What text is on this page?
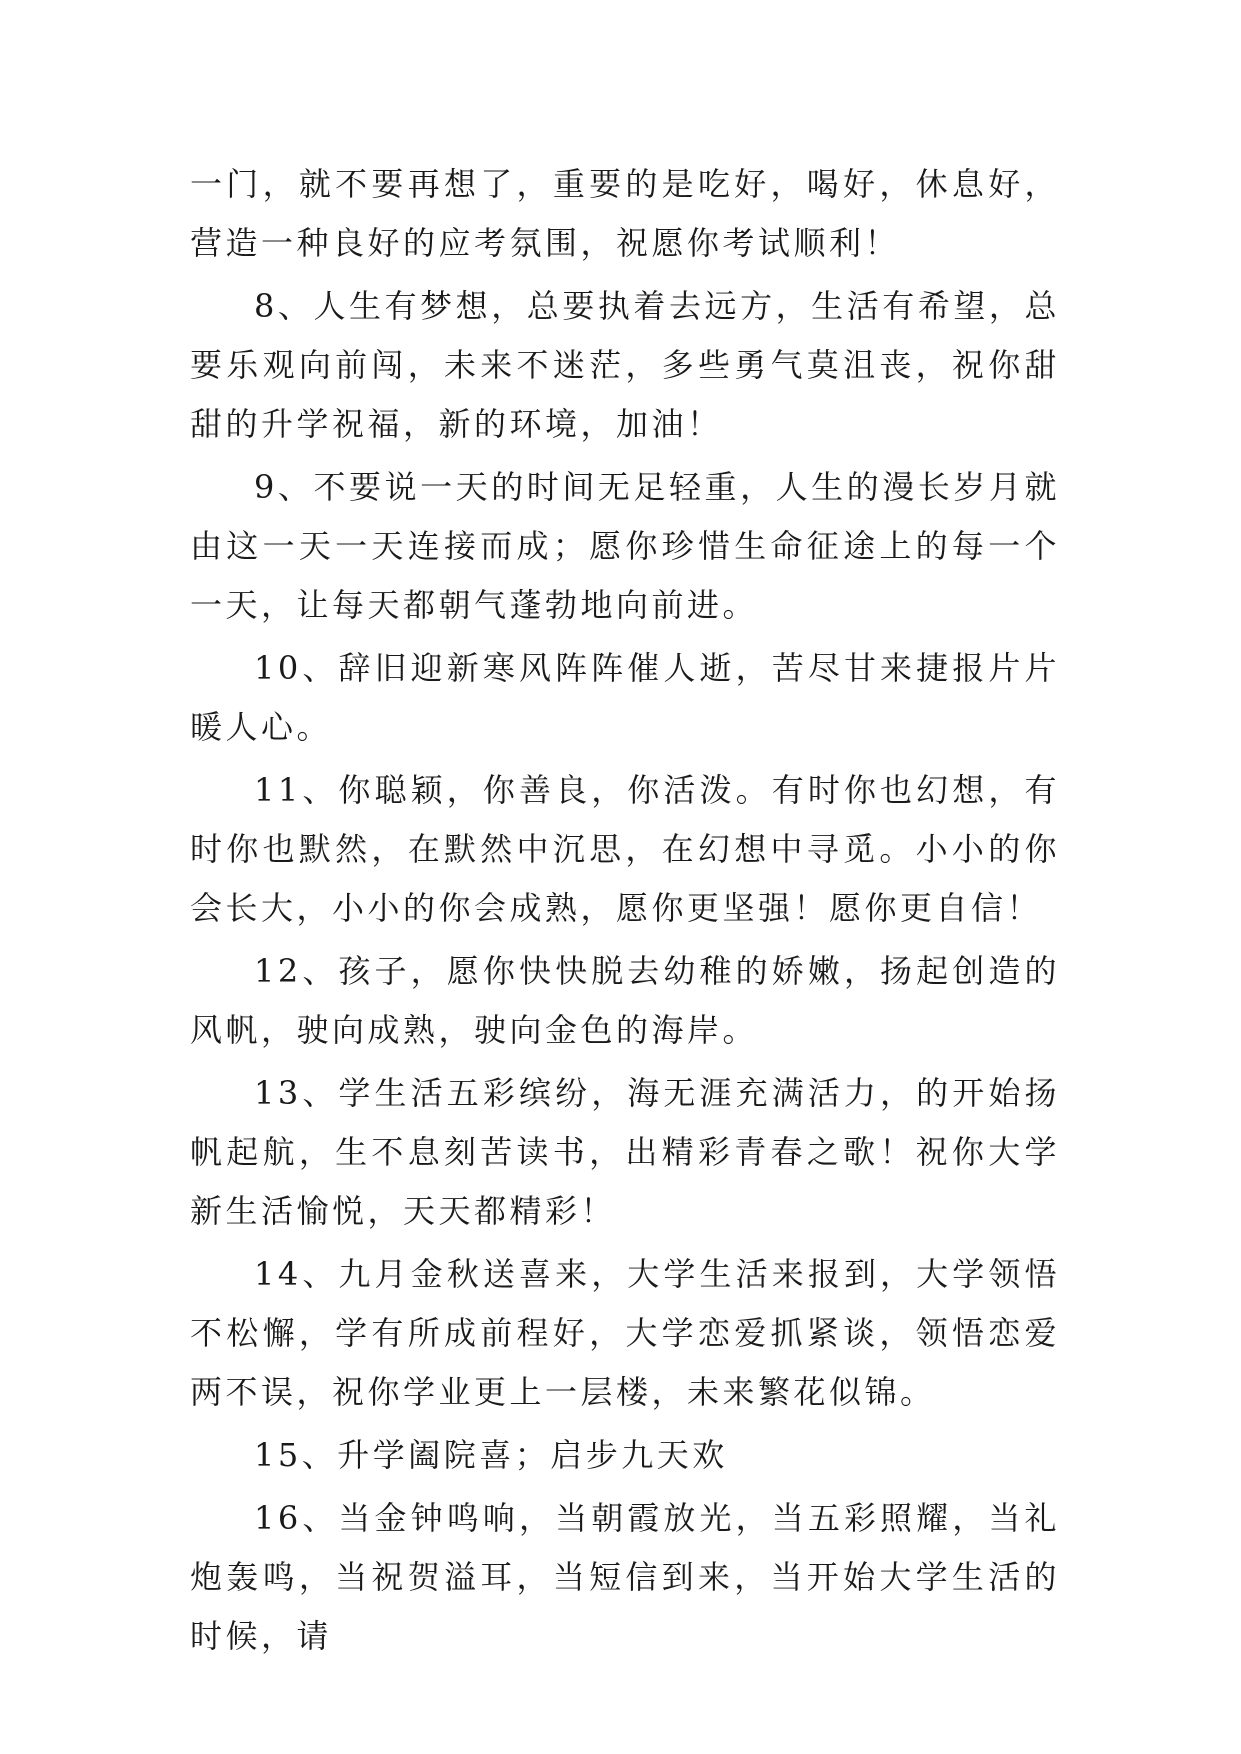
一门，就不要再想了，重要的是吃好，喝好，休息好，营造一种良好的应考氛围，祝愿你考试顺利！

8、人生有梦想，总要执着去远方，生活有希望，总要乐观向前闯，未来不迷茫，多些勇气莫沮丧，祝你甜甜的升学祝福，新的环境，加油！

9、不要说一天的时间无足轻重，人生的漫长岁月就由这一天一天连接而成；愿你珍惜生命征途上的每一个一天，让每天都朝气蓬勃地向前进。

10、辞旧迎新寒风阵阵催人逝，苦尽甘来捷报片片暖人心。

11、你聪颖，你善良，你活泼。有时你也幻想，有时你也默然，在默然中沉思，在幻想中寻觅。小小的你会长大，小小的你会成熟，愿你更坚强！愿你更自信！

12、孩子，愿你快快脱去幼稚的娇嫩，扬起创造的风帆，驶向成熟，驶向金色的海岸。

13、学生活五彩缤纷，海无涯充满活力，的开始扬帆起航，生不息刻苦读书，出精彩青春之歌！祝你大学新生活愉悦，天天都精彩！

14、九月金秋送喜来，大学生活来报到，大学领悟不松懈，学有所成前程好，大学恋爱抓紧谈，领悟恋爱两不误，祝你学业更上一层楼，未来繁花似锦。

15、升学阖院喜；启步九天欢

16、当金钟鸣响，当朝霞放光，当五彩照耀，当礼炮轰鸣，当祝贺溢耳，当短信到来，当开始大学生活的时候，请
